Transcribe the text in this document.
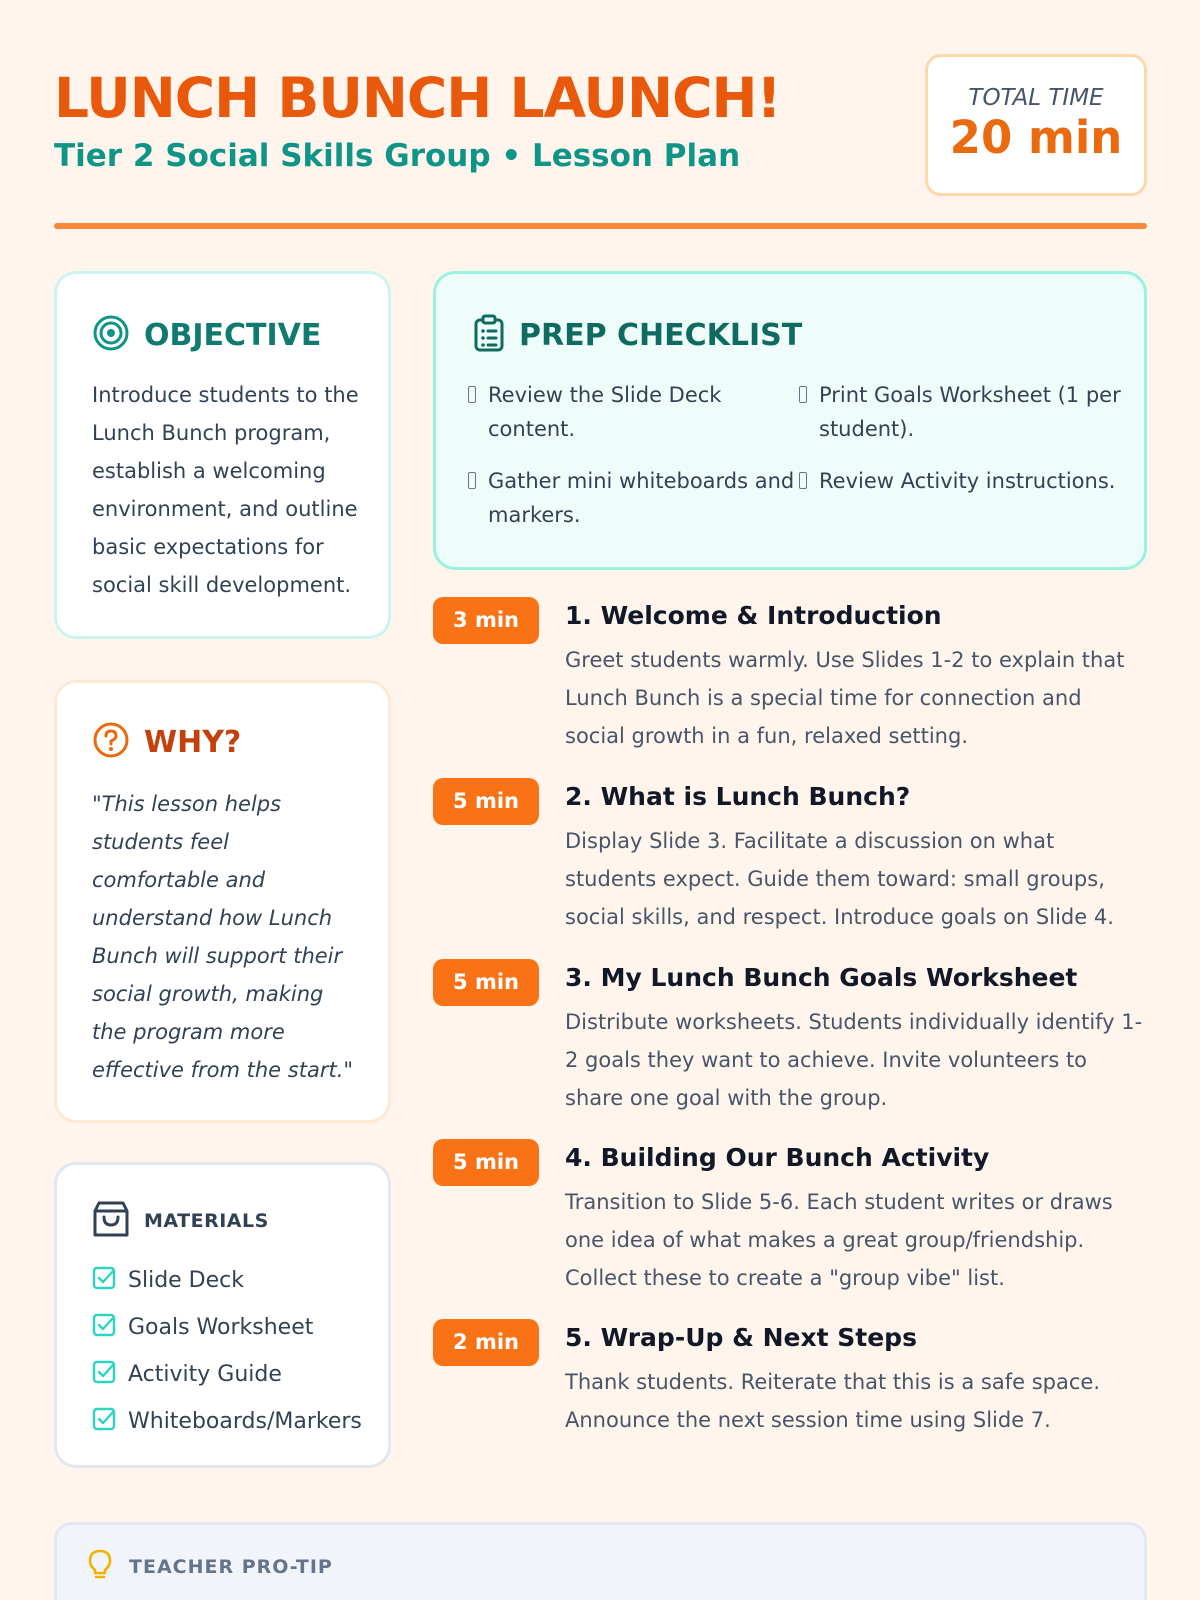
LUNCH BUNCH LAUNCH!
Tier 2 Social Skills Group • Lesson Plan
TOTAL TIME
20 min
OBJECTIVE

Introduce students to the Lunch Bunch program, establish a welcoming environment, and outline basic expectations for social skill development.

WHY?

"This lesson helps students feel comfortable and understand how Lunch Bunch will support their social growth, making the program more effective from the start."

MATERIALS
Slide Deck
Goals Worksheet
Activity Guide
Whiteboards/Markers
PREP CHECKLIST
Review the Slide Deck content.
Print Goals Worksheet (1 per student).
Gather mini whiteboards and markers.
Review Activity instructions.
3 min	1. Welcome & Introduction
Greet students warmly. Use Slides 1-2 to explain that Lunch Bunch is a special time for connection and social growth in a fun, relaxed setting.
5 min	2. What is Lunch Bunch?
Display Slide 3. Facilitate a discussion on what students expect. Guide them toward: small groups, social skills, and respect. Introduce goals on Slide 4.
5 min	3. My Lunch Bunch Goals Worksheet
Distribute worksheets. Students individually identify 1-2 goals they want to achieve. Invite volunteers to share one goal with the group.
5 min	4. Building Our Bunch Activity
Transition to Slide 5-6. Each student writes or draws one idea of what makes a great group/friendship. Collect these to create a "group vibe" list.
2 min	5. Wrap-Up & Next Steps
Thank students. Reiterate that this is a safe space. Announce the next session time using Slide 7.
TEACHER PRO-TIP
